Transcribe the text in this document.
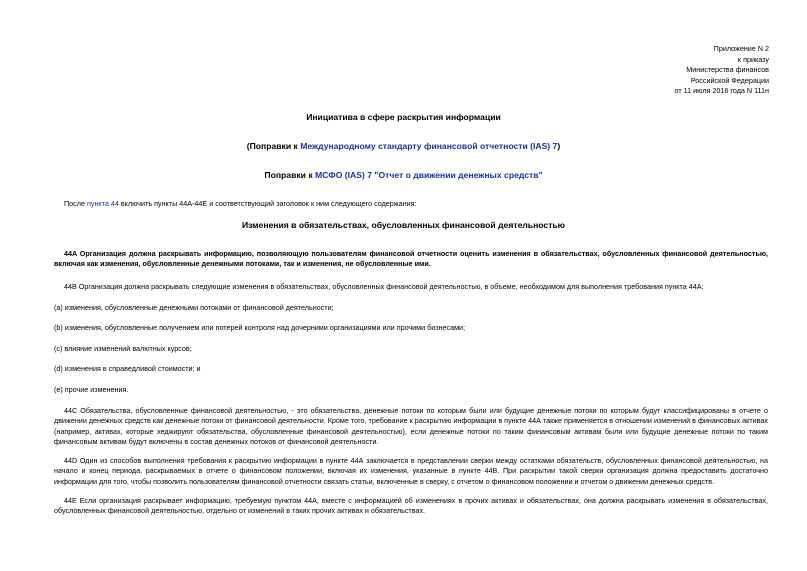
Приложение N 2
к приказу
Министерства финансов
Российской Федерации
от 11 июля 2016 года N 111н
Инициатива в сфере раскрытия информации
(Поправки к Международному стандарту финансовой отчетности (IAS) 7)
Поправки к МСФО (IAS) 7 "Отчет о движении денежных средств"
После пункта 44 включить пункты 44A-44E и соответствующий заголовок к ним следующего содержания:
Изменения в обязательствах, обусловленных финансовой деятельностью
44A Организация должна раскрывать информацию, позволяющую пользователям финансовой отчетности оценить изменения в обязательствах, обусловленных финансовой деятельностью, включая как изменения, обусловленные денежными потоками, так и изменения, не обусловленные ими.
44B Организация должна раскрывать следующие изменения в обязательствах, обусловленных финансовой деятельностью, в объеме, необходимом для выполнения требования пункта 44А:
(a) изменения, обусловленные денежными потоками от финансовой деятельности;
(b) изменения, обусловленные получением или потерей контроля над дочерними организациями или прочими бизнесами;
(c) влияние изменений валютных курсов;
(d) изменения в справедливой стоимости; и
(e) прочие изменения.
44C Обязательства, обусловленные финансовой деятельностью, - это обязательства, денежные потоки по которым были или будущие денежные потоки по которым будут классифицированы в отчете о движении денежных средств как денежные потоки от финансовой деятельности. Кроме того, требование к раскрытию информации в пункте 44А также применяется в отношении изменений в финансовых активах (например, активах, которые хеджируют обязательства, обусловленные финансовой деятельностью), если денежные потоки по таким финансовым активам были или будущие денежные потоки по таким финансовым активам будут включены в состав денежных потоков от финансовой деятельности.
44D Один из способов выполнения требования к раскрытию информации в пункте 44А заключается в представлении сверки между остатками обязательств, обусловленных финансовой деятельностью, на начало и конец периода, раскрываемых в отчете о финансовом положении, включая их изменения, указанные в пункте 44В. При раскрытии такой сверки организация должна предоставить достаточно информации для того, чтобы позволить пользователям финансовой отчетности связать статьи, включенные в сверку, с отчетом о финансовом положении и отчетом о движении денежных средств.
44E Если организация раскрывает информацию, требуемую пунктом 44А, вместе с информацией об изменениях в прочих активах и обязательствах, она должна раскрывать изменения в обязательствах, обусловленных финансовой деятельностью, отдельно от изменений в таких прочих активах и обязательствах.
